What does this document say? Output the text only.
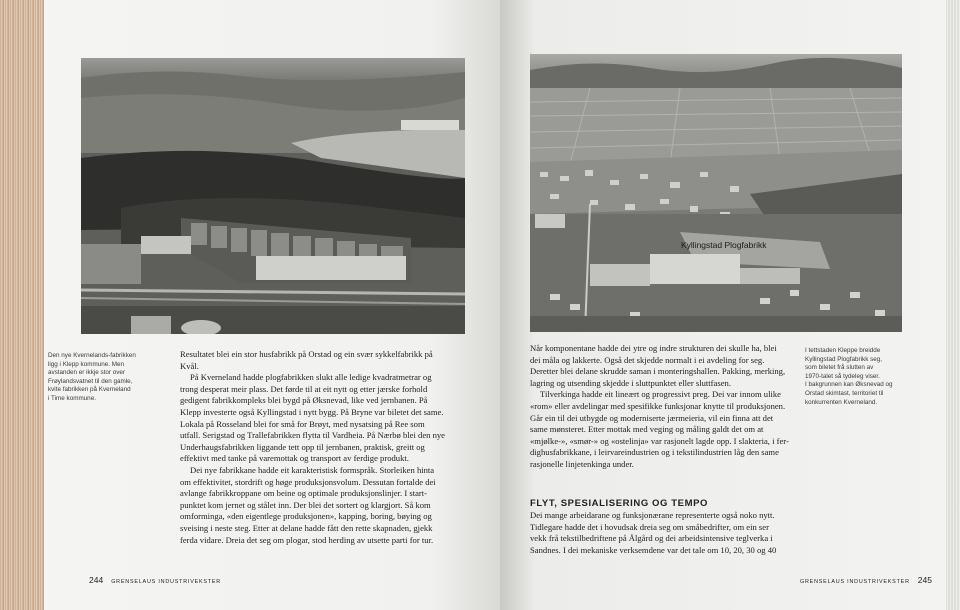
Den nye Kvernelands-fabrikken

ligg i Klepp kommune. Men

avstanden er ikkje stor over

Frøylandsvatnet til den gamle,

kvite fabrikken på Kverneland

i Time kommune.

Resultatet blei ein stor husfabrikk på Orstad og ein svær sykkelfabrikk på

Kvål.

På Kverneland hadde plogfabrikken slukt alle ledige kvadratmetrar og

trong desperat meir plass. Det førde til at eit nytt og etter jærske forhold

gedigent fabrikkompleks blei bygd på Øksnevad, like ved jernbanen. På

Klepp investerte også Kyllingstad i nytt bygg. På Bryne var biletet det same.

Lokala på Rosseland blei for små for Brøyt, med nysatsing på Ree som

utfall. Serigstad og Trallefabrikken flytta til Vardheia. På Nærbø blei den nye

Underhaugsfabrikken liggande tett opp til jernbanen, praktisk, greitt og

effektivt med tanke på varemottak og transport av ferdige produkt.

Dei nye fabrikkane hadde eit karakteristisk formspråk. Storleiken hinta

om effektivitet, stordrift og høge produksjonsvolum. Dessutan fortalde dei

avlange fabrikkroppane om beine og optimale produksjonslinjer. I start-

punktet kom jernet og stålet inn. Der blei det sortert og klargjort. Så kom

omforminga, «den eigentlege produksjonen», kapping, boring, bøying og

sveising i neste steg. Etter at delane hadde fått den rette skapnaden, gjekk

ferda vidare. Dreia det seg om plogar, stod herding av utsette parti for tur.

244 GRENSELAUS INDUSTRIVEKSTER
Kyllingstad Plogfabrikk

Når komponentane hadde dei ytre og indre strukturen dei skulle ha, blei

dei måla og lakkerte. Også det skjedde normalt i ei avdeling for seg.

Deretter blei delane skrudde saman i monteringshallen. Pakking, merking,

lagring og utsending skjedde i sluttpunktet eller sluttfasen.

Tilverkinga hadde eit lineært og progressivt preg. Dei var innom ulike

«rom» eller avdelingar med spesifikke funksjonar knytte til produksjonen.

Går ein til dei utbygde og moderniserte jærmeieria, vil ein finna att det

same mønsteret. Etter mottak med veging og måling galdt det om at

«mjølke-», «smør-» og «ostelinja» var rasjonelt lagde opp. I slakteria, i fer-

dighusfabrikkane, i leirvareindustrien og i tekstilindustrien låg den same

rasjonelle linjetenkinga under.

FLYT, SPESIALISERING OG TEMPO

Dei mange arbeidarane og funksjonærane representerte også noko nytt.

Tidlegare hadde det i hovudsak dreia seg om småbedrifter, om ein ser

vekk frå tekstilbedriftene på Ålgård og dei arbeidsintensive teglverka i

Sandnes. I dei mekaniske verksemdene var det tale om 10, 20, 30 og 40

I tettstaden Kleppe breidde

Kyllingstad Plogfabrikk seg,

som biletet frå slutten av

1970-talet så tydeleg viser.

I bakgrunnen kan Øksnevad og

Orstad skimtast, territoriet til

konkurrenten Kverneland.

GRENSELAUS INDUSTRIVEKSTER 245
